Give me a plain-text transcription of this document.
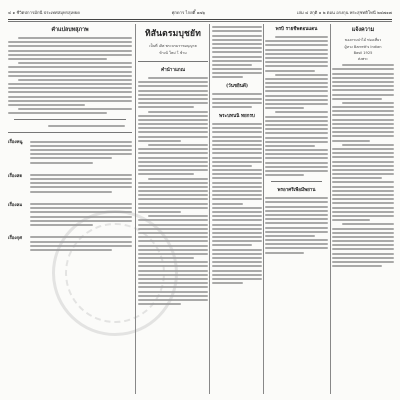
๔ ๑ ชีวิตปการมักนี ประเทศสมุทรสุเทยด	ศุกดาร ไกยติ๊ ๑๗๖	เล่ม ๔ สกุติ ๑ ๒ ตอน อรงกุน พระสุชทติโทนี ๒๔๗๑๗
คำแปลบทสุภาพ
เรื่องหนู
เรื่องสด
เรื่องลม
เรื่องกุศ
ทิสันตรมบุชยัท
เป็นที่ เลิศ พระบรมราชอนุญาต
ข้างน้ ใหม่ โ ข้าม
คำนำาแกณ
(วันชยินดี)
พระบทนนิ ทยกรบ
พรบิ รายชีพตอนแดน
พรอาศรีเพื่อมีพยาน
แจ้งความ
ของกรมป่าไม้ ท่องเที่ยว
ผู้หวง Barrett's Indian
Basil 1925
ส่งพระ
